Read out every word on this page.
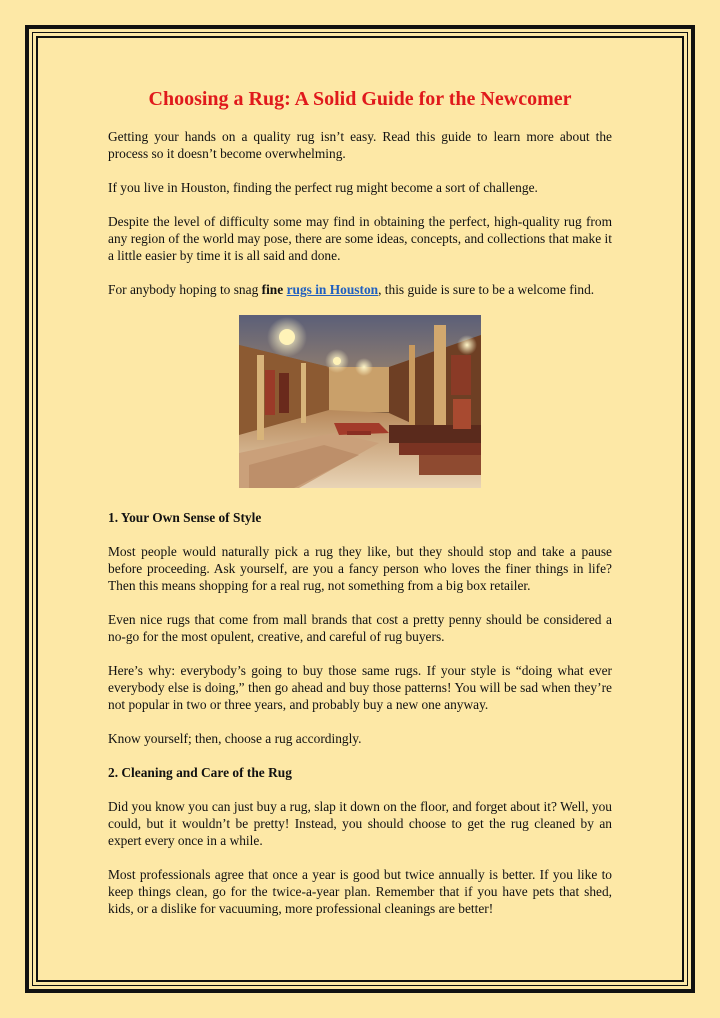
Choosing a Rug: A Solid Guide for the Newcomer

Getting your hands on a quality rug isn’t easy. Read this guide to learn more about the process so it doesn’t become overwhelming.

If you live in Houston, finding the perfect rug might become a sort of challenge.

Despite the level of difficulty some may find in obtaining the perfect, high-quality rug from any region of the world may pose, there are some ideas, concepts, and collections that make it a little easier by time it is all said and done.

For anybody hoping to snag fine rugs in Houston, this guide is sure to be a welcome find.

1. Your Own Sense of Style

Most people would naturally pick a rug they like, but they should stop and take a pause before proceeding. Ask yourself, are you a fancy person who loves the finer things in life? Then this means shopping for a real rug, not something from a big box retailer.

Even nice rugs that come from mall brands that cost a pretty penny should be considered a no-go for the most opulent, creative, and careful of rug buyers.

Here’s why: everybody’s going to buy those same rugs. If your style is “doing what ever everybody else is doing,” then go ahead and buy those patterns! You will be sad when they’re not popular in two or three years, and probably buy a new one anyway.

Know yourself; then, choose a rug accordingly.

2. Cleaning and Care of the Rug

Did you know you can just buy a rug, slap it down on the floor, and forget about it? Well, you could, but it wouldn’t be pretty! Instead, you should choose to get the rug cleaned by an expert every once in a while.

Most professionals agree that once a year is good but twice annually is better. If you like to keep things clean, go for the twice-a-year plan. Remember that if you have pets that shed, kids, or a dislike for vacuuming, more professional cleanings are better!
